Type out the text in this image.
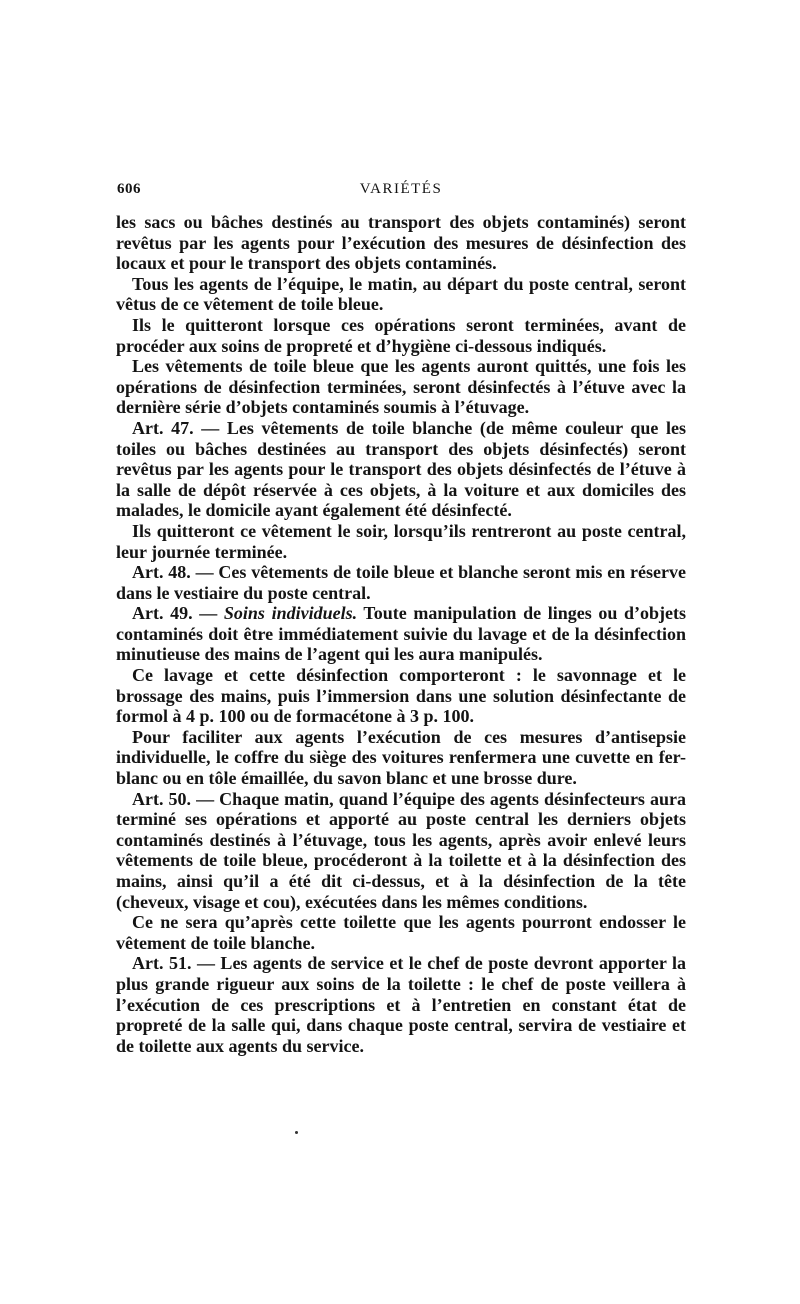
606	VARIÉTÉS

les sacs ou bâches destinés au transport des objets contaminés) seront revêtus par les agents pour l’exécution des mesures de désinfection des locaux et pour le transport des objets contaminés.

Tous les agents de l’équipe, le matin, au départ du poste central, seront vêtus de ce vêtement de toile bleue.

Ils le quitteront lorsque ces opérations seront terminées, avant de procéder aux soins de propreté et d’hygiène ci-dessous indiqués.

Les vêtements de toile bleue que les agents auront quittés, une fois les opérations de désinfection terminées, seront désinfectés à l’étuve avec la dernière série d’objets contaminés soumis à l’étuvage.

Art. 47. — Les vêtements de toile blanche (de même couleur que les toiles ou bâches destinées au transport des objets désinfectés) seront revêtus par les agents pour le transport des objets désinfectés de l’étuve à la salle de dépôt réservée à ces objets, à la voiture et aux domiciles des malades, le domicile ayant également été désinfecté.

Ils quitteront ce vêtement le soir, lorsqu’ils rentreront au poste central, leur journée terminée.

Art. 48. — Ces vêtements de toile bleue et blanche seront mis en réserve dans le vestiaire du poste central.

Art. 49. — Soins individuels. Toute manipulation de linges ou d’objets contaminés doit être immédiatement suivie du lavage et de la désinfection minutieuse des mains de l’agent qui les aura manipulés.

Ce lavage et cette désinfection comporteront : le savonnage et le brossage des mains, puis l’immersion dans une solution désinfectante de formol à 4 p. 100 ou de formacétone à 3 p. 100.

Pour faciliter aux agents l’exécution de ces mesures d’antisepsie individuelle, le coffre du siège des voitures renfermera une cuvette en fer-blanc ou en tôle émaillée, du savon blanc et une brosse dure.

Art. 50. — Chaque matin, quand l’équipe des agents désinfecteurs aura terminé ses opérations et apporté au poste central les derniers objets contaminés destinés à l’étuvage, tous les agents, après avoir enlevé leurs vêtements de toile bleue, procéderont à la toilette et à la désinfection des mains, ainsi qu’il a été dit ci-dessus, et à la désinfection de la tête (cheveux, visage et cou), exécutées dans les mêmes conditions.

Ce ne sera qu’après cette toilette que les agents pourront endosser le vêtement de toile blanche.

Art. 51. — Les agents de service et le chef de poste devront apporter la plus grande rigueur aux soins de la toilette : le chef de poste veillera à l’exécution de ces prescriptions et à l’entretien en constant état de propreté de la salle qui, dans chaque poste central, servira de vestiaire et de toilette aux agents du service.
